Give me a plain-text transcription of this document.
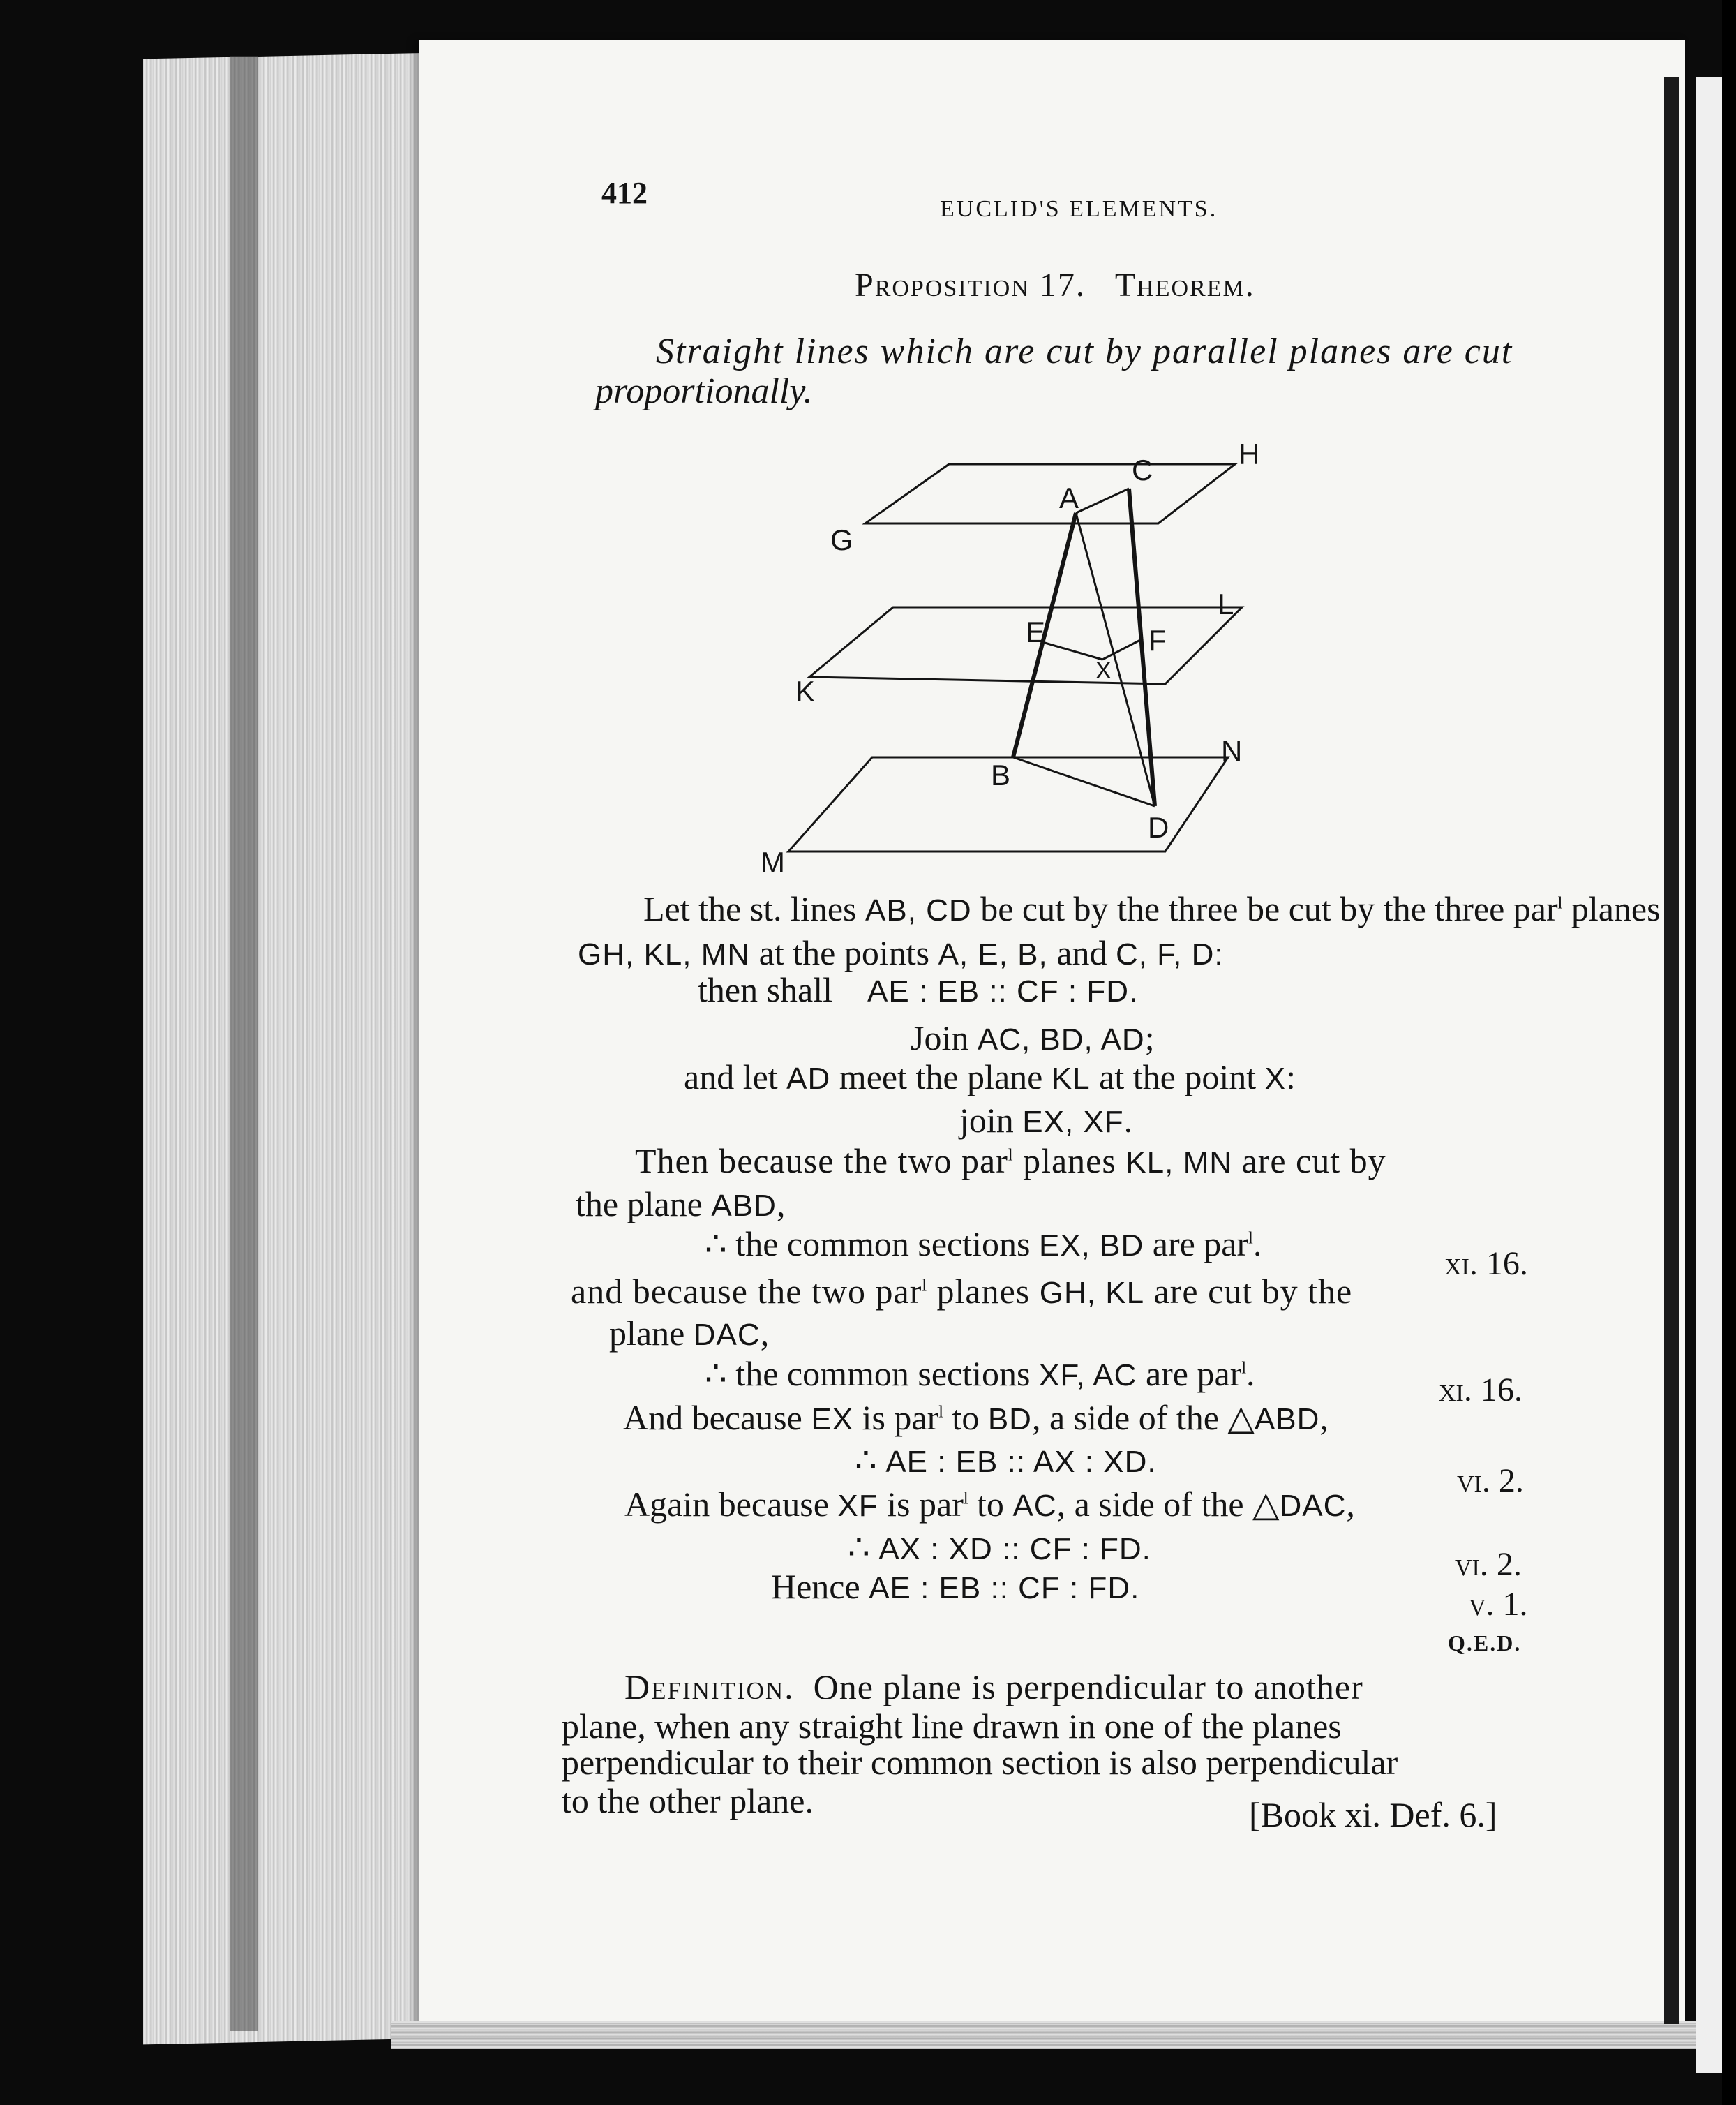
412	EUCLID'S ELEMENTS.
Proposition 17. Theorem.
Straight lines which are cut by parallel planes are cut
proportionally.
A
C	H
G
E	F
X
L
K
B
N
D
M
Let the st. lines AB, CD be cut by the three be cut by the three par$^l$ planes
GH, KL, MN at the points A, E, B, and C, F, D:
then shall    AE : EB :: CF : FD.
Join AC, BD, AD;
and let AD meet the plane KL at the point X:
join EX, XF.
Then because the two par$^l$ planes KL, MN are cut by
the plane ABD,
∴ the common sections EX, BD are par$^l$.
xi. 16.
and because the two par$^l$ planes GH, KL are cut by the
plane DAC,
∴ the common sections XF, AC are par$^l$.	xi. 16.
And because EX is par$^l$ to BD, a side of the △ABD,
∴ AE : EB :: AX : XD.
vi. 2.
Again because XF is par$^l$ to AC, a side of the △DAC,
∴ AX : XD :: CF : FD.	vi. 2.
Hence AE : EB :: CF : FD.	v. 1.
Q.E.D.
Definition. One plane is perpendicular to another
plane, when any straight line drawn in one of the planes
perpendicular to their common section is also perpendicular
to the other plane.	[Book xi. Def. 6.]
